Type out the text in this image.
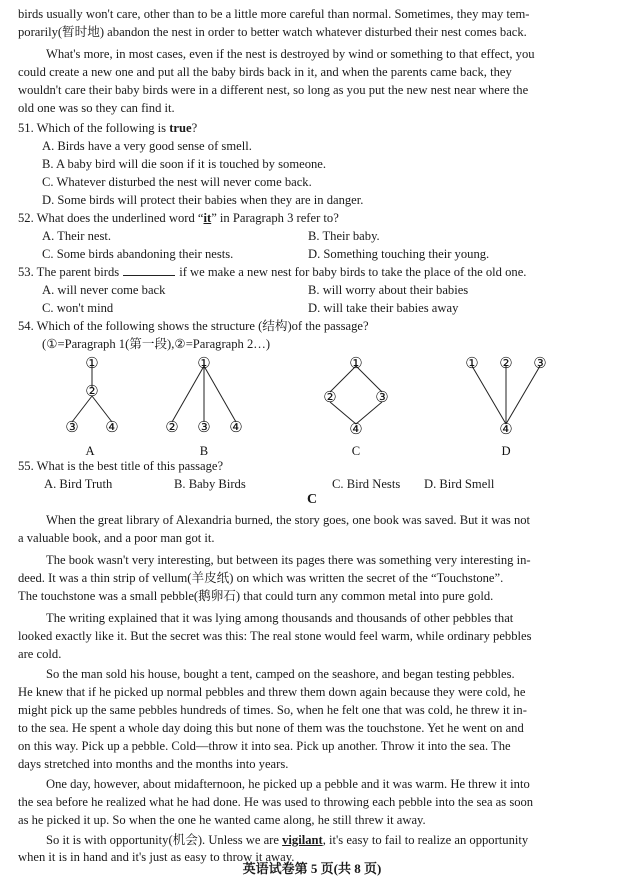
birds usually won't care, other than to be a little more careful than normal. Sometimes, they may tem-
porarily(暂时地) abandon the nest in order to better watch whatever disturbed their nest comes back.
What's more, in most cases, even if the nest is destroyed by wind or something to that effect, you
could create a new one and put all the baby birds back in it, and when the parents came back, they
wouldn't care their baby birds were in a different nest, so long as you put the new nest near where the
old one was so they can find it.
51. Which of the following is true?
A. Birds have a very good sense of smell.
B. A baby bird will die soon if it is touched by someone.
C. Whatever disturbed the nest will never come back.
D. Some birds will protect their babies when they are in danger.
52. What does the underlined word “it” in Paragraph 3 refer to?
A. Their nest.	B. Their baby.
C. Some birds abandoning their nests.	D. Something touching their young.
53. The parent birds	if we make a new nest for baby birds to take the place of the old one.
A. will never come back	B. will worry about their babies
C. won't mind	D. will take their babies away
54. Which of the following shows the structure (结构)of the passage?
(①=Paragraph 1(第一段),②=Paragraph 2…)
①
②
③ ④
①
② ③ ④
①
②	③
④
① ② ③
④
A	B	C	D
55. What is the best title of this passage?
A. Bird Truth	B. Baby Birds	C. Bird Nests D. Bird Smell
C
When the great library of Alexandria burned, the story goes, one book was saved. But it was not
a valuable book, and a poor man got it.
The book wasn't very interesting, but between its pages there was something very interesting in-
deed. It was a thin strip of vellum(羊皮纸) on which was written the secret of the “Touchstone”.
The touchstone was a small pebble(鹅卵石) that could turn any common metal into pure gold.
The writing explained that it was lying among thousands and thousands of other pebbles that
looked exactly like it. But the secret was this: The real stone would feel warm, while ordinary pebbles
are cold.
So the man sold his house, bought a tent, camped on the seashore, and began testing pebbles.
He knew that if he picked up normal pebbles and threw them down again because they were cold, he
might pick up the same pebbles hundreds of times. So, when he felt one that was cold, he threw it in-
to the sea. He spent a whole day doing this but none of them was the touchstone. Yet he went on and
on this way. Pick up a pebble. Cold—throw it into sea. Pick up another. Throw it into the sea. The
days stretched into months and the months into years.
One day, however, about midafternoon, he picked up a pebble and it was warm. He threw it into
the sea before he realized what he had done. He was used to throwing each pebble into the sea as soon
as he picked it up. So when the one he wanted came along, he still threw it away.
So it is with opportunity(机会). Unless we are vigilant, it's easy to fail to realize an opportunity
when it is in hand and it's just as easy to throw it away.
英语试卷第 5 页(共 8 页)
